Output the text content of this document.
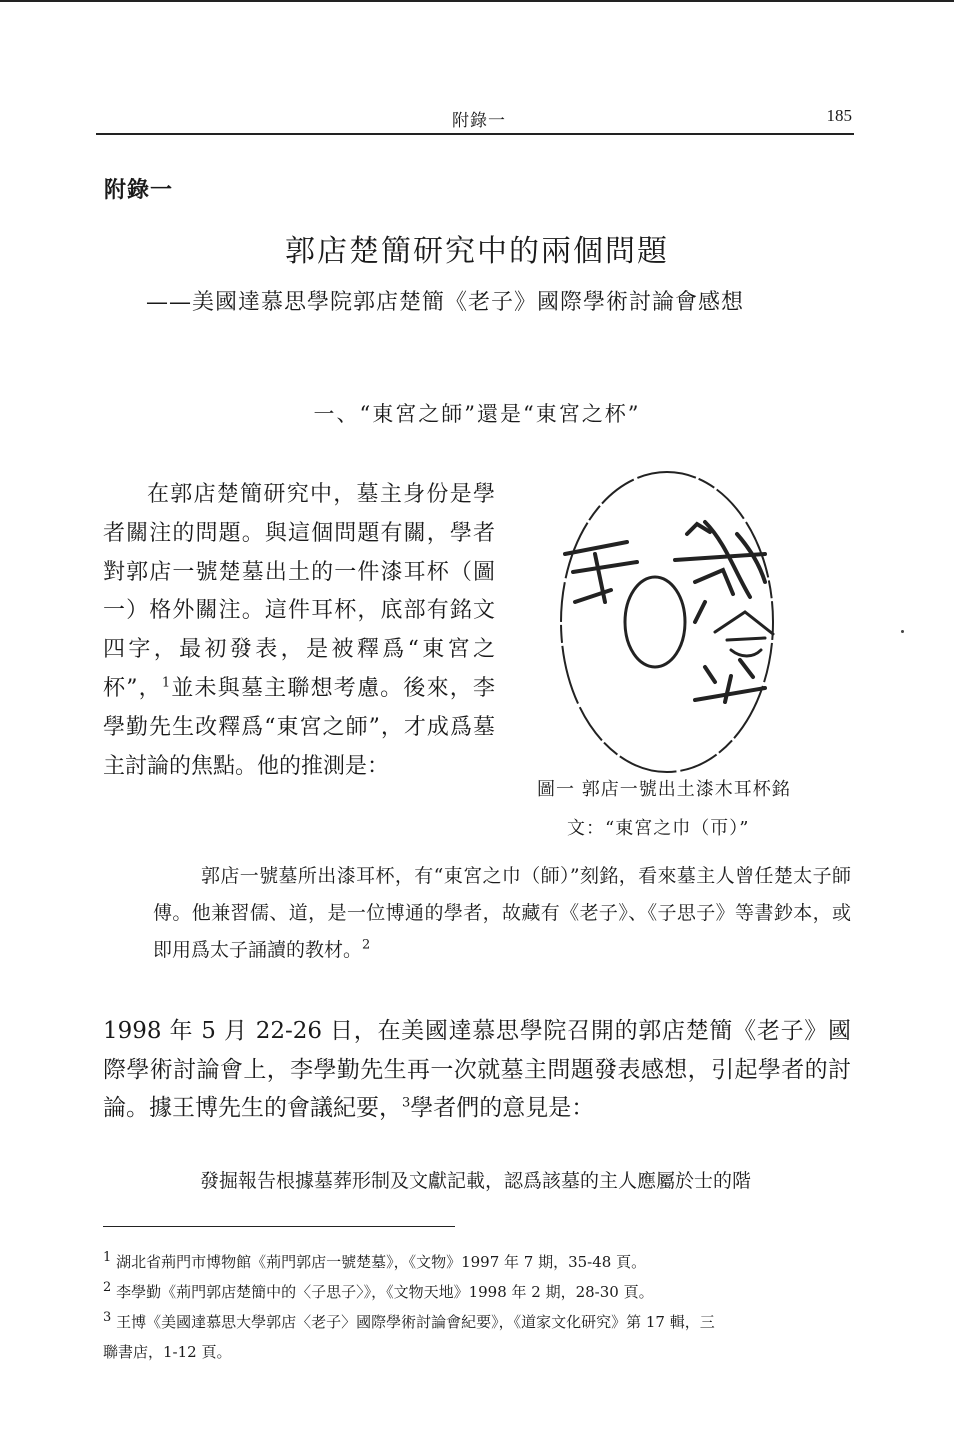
附錄一	185
附錄一
郭店楚簡研究中的兩個問題
——美國達慕思學院郭店楚簡《老子》國際學術討論會感想
一、“東宮之師”還是“東宮之杯”

在郭店楚簡研究中，墓主身份是學者關注的問題。與這個問題有關，學者對郭店一號楚墓出土的一件漆耳杯（圖一）格外關注。這件耳杯，底部有銘文四字，最初發表，是被釋爲“東宮之杯”，$^1$並未與墓主聯想考慮。後來，李學勤先生改釋爲“東宮之師”，才成爲墓主討論的焦點。他的推測是：

圖一 郭店一號出土漆木耳杯銘
文：“東宮之巾（帀）”

郭店一號墓所出漆耳杯，有“東宮之巾（師）”刻銘，看來墓主人曾任楚太子師傅。他兼習儒、道，是一位博通的學者，故藏有《老子》、《子思子》等書鈔本，或即用爲太子誦讀的教材。$^2$

1998 年 5 月 22-26 日，在美國達慕思學院召開的郭店楚簡《老子》國際學術討論會上，李學勤先生再一次就墓主問題發表感想，引起學者的討論。據王博先生的會議紀要，$^3$學者們的意見是：

發掘報告根據墓葬形制及文獻記載，認爲該墓的主人應屬於士的階

$^1$ 湖北省荊門市博物館《荊門郭店一號楚墓》，《文物》1997 年 7 期，35-48 頁。
$^2$ 李學勤《荊門郭店楚簡中的〈子思子〉》，《文物天地》1998 年 2 期，28-30 頁。
$^3$ 王博《美國達慕思大學郭店〈老子〉國際學術討論會紀要》，《道家文化研究》第 17 輯，三
聯書店，1-12 頁。
